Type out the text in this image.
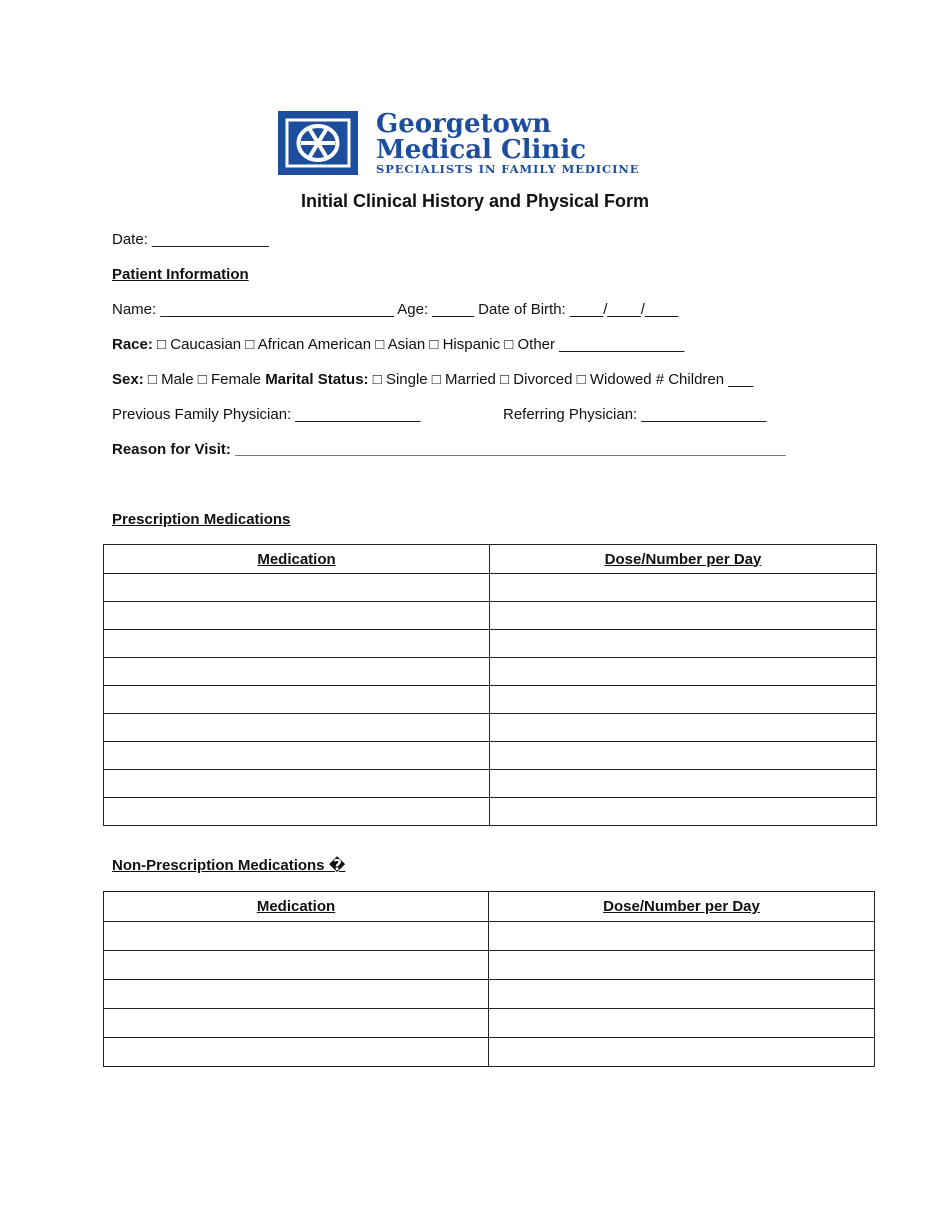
Georgetown
Medical Clinic
SPECIALISTS IN FAMILY MEDICINE
Initial Clinical History and Physical Form
Date: ______________
Patient Information
Name: ____________________________ Age: _____ Date of Birth: ____/____/____
Race: □ Caucasian □ African American □ Asian □ Hispanic □ Other _______________
Sex: □ Male □ Female Marital Status: □ Single □ Married □ Divorced □ Widowed # Children ___
Previous Family Physician: _______________	Referring Physician: _______________
Reason for Visit: __________________________________________________________________
Prescription Medications
Medication	Dose/Number per Day

Non-Prescription Medications �
Medication	Dose/Number per Day
